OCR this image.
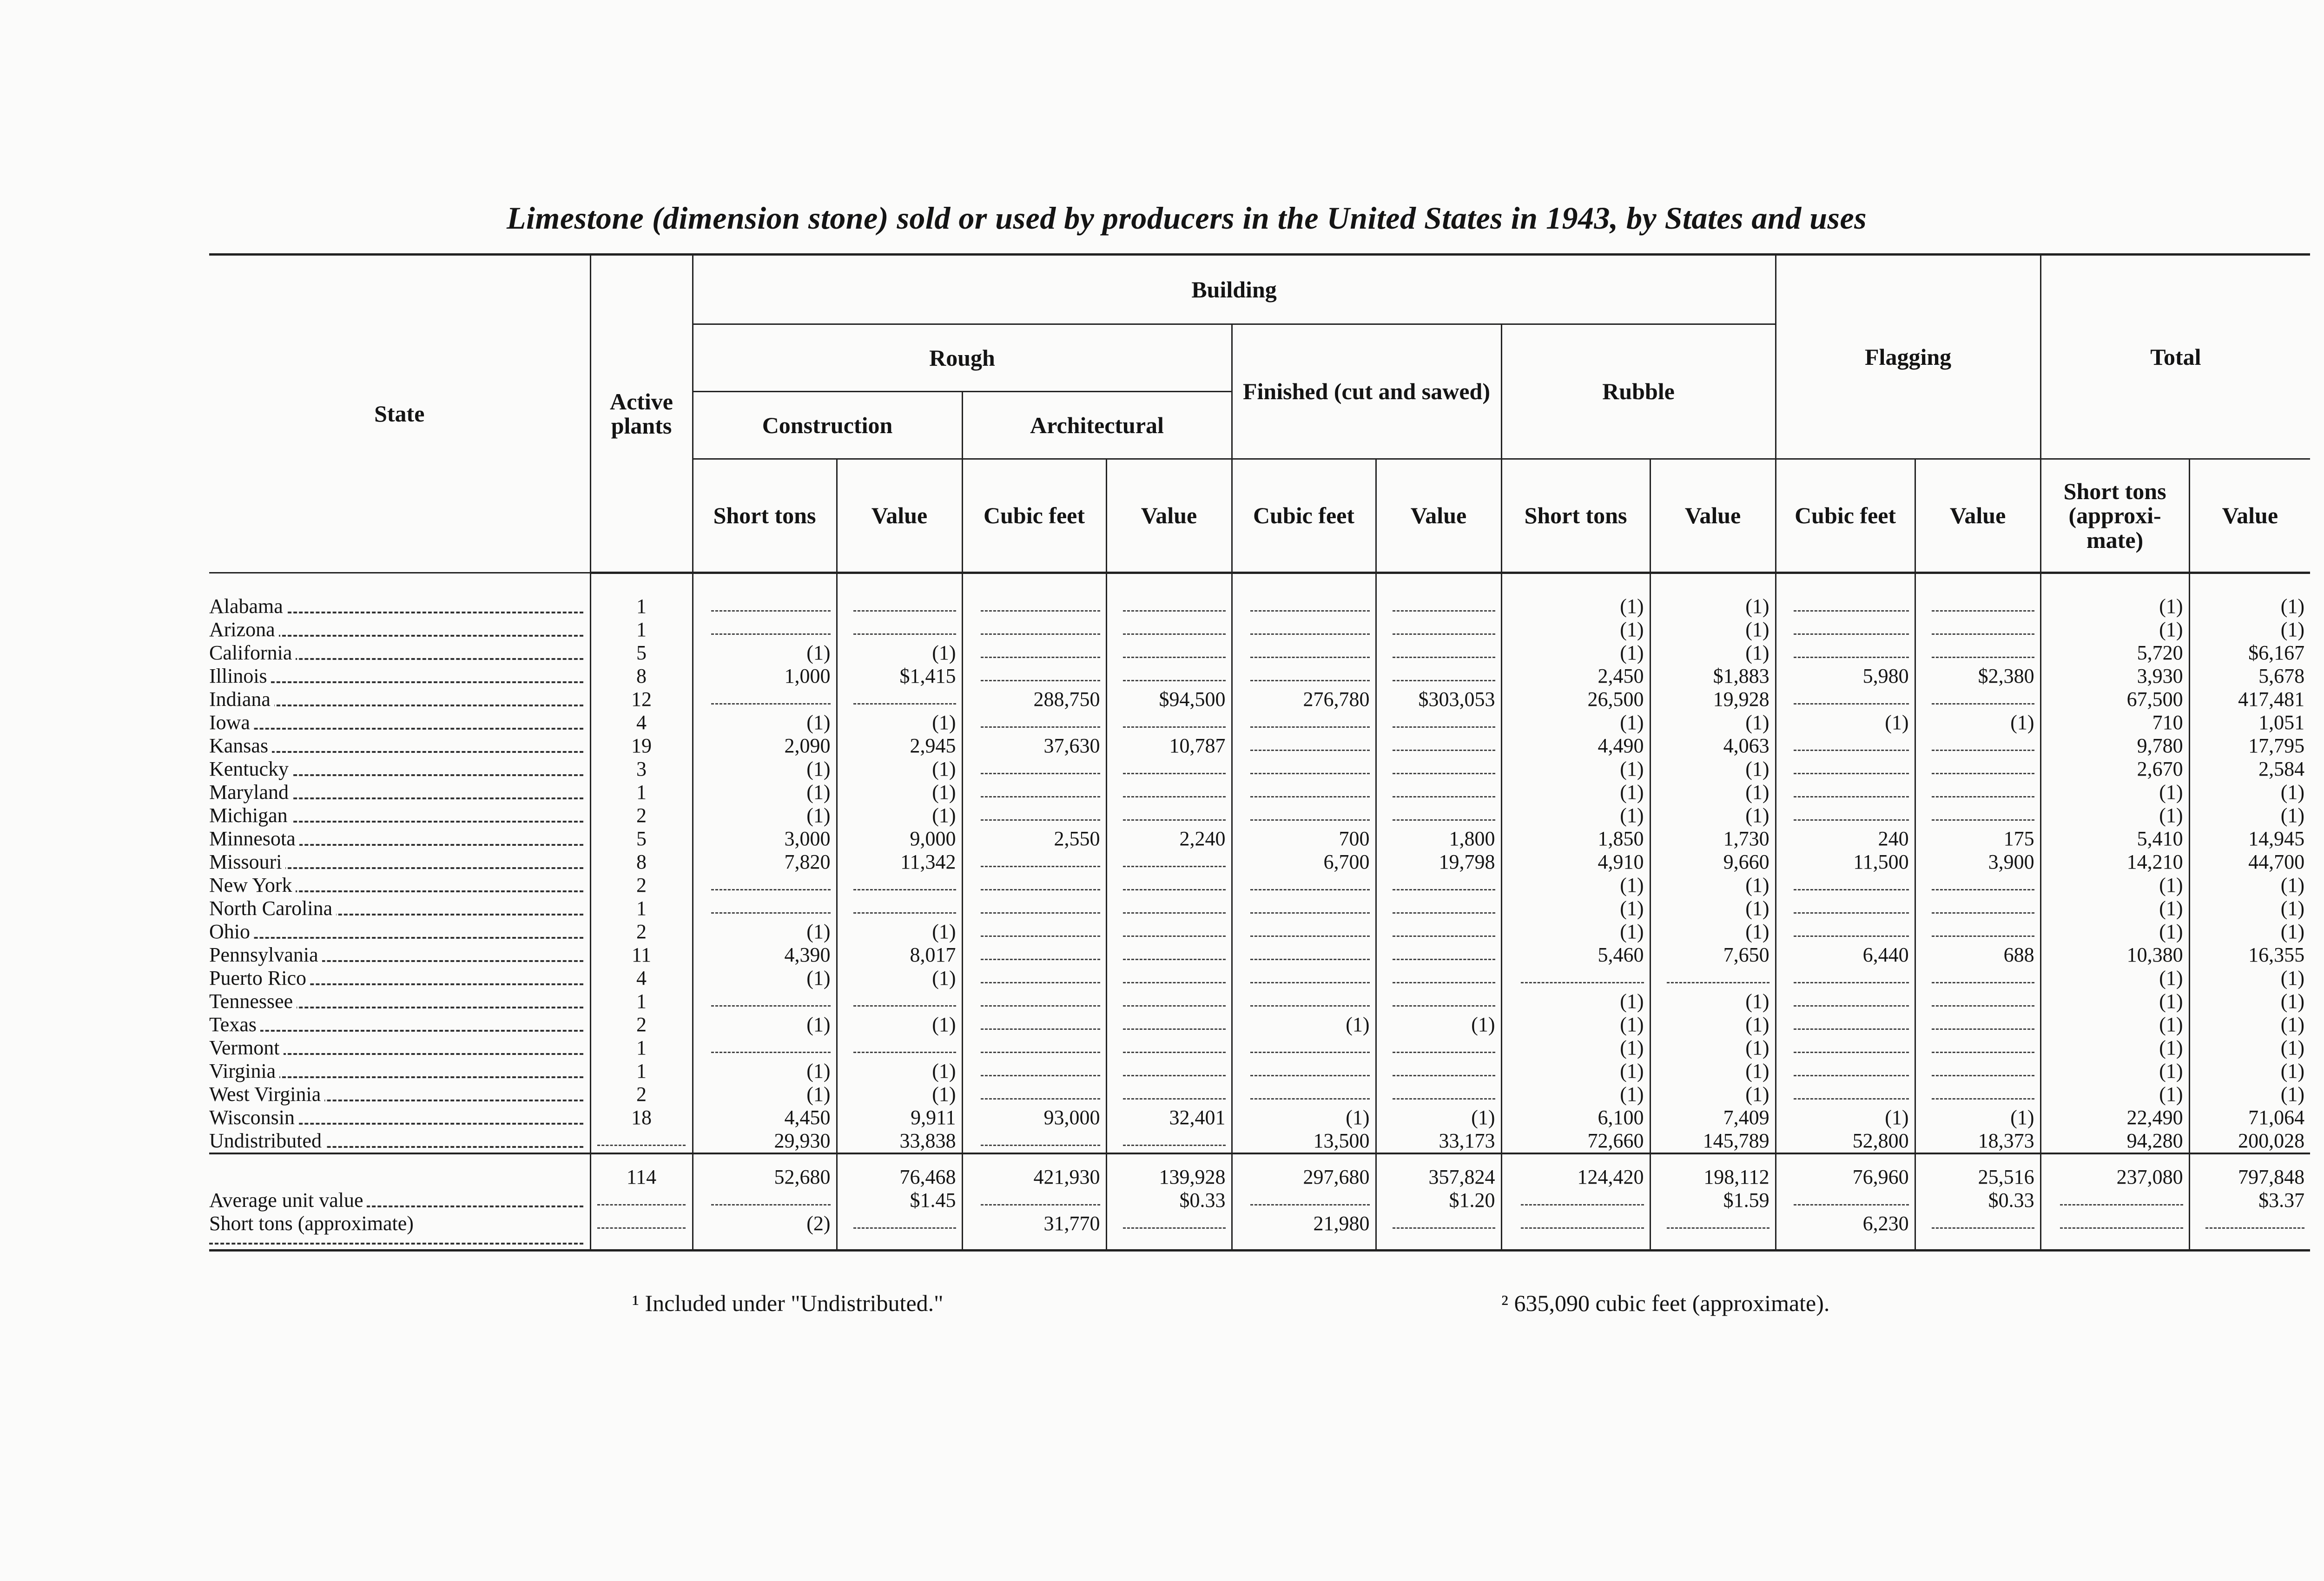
Limestone (dimension stone) sold or used by producers in the United States in 1943, by States and uses
State	Active plants	Building								Flagging		Total	
		Rough				Finished (cut and sawed)		Rubble					
		Construction		Architectural									
		Short tons	Value	Cubic feet	Value	Cubic feet	Value	Short tons	Value	Cubic feet	Value	Short tons (approxi-mate)	Value
Alabama	1							(1)	(1)			(1)	(1)
Arizona	1							(1)	(1)			(1)	(1)
California	5	(1)	(1)					(1)	(1)			5,720	$6,167
Illinois	8	1,000	$1,415					2,450	$1,883	5,980	$2,380	3,930	5,678
Indiana	12			288,750	$94,500	276,780	$303,053	26,500	19,928			67,500	417,481
Iowa	4	(1)	(1)					(1)	(1)	(1)	(1)	710	1,051
Kansas	19	2,090	2,945	37,630	10,787			4,490	4,063			9,780	17,795
Kentucky	3	(1)	(1)					(1)	(1)			2,670	2,584
Maryland	1	(1)	(1)					(1)	(1)			(1)	(1)
Michigan	2	(1)	(1)					(1)	(1)			(1)	(1)
Minnesota	5	3,000	9,000	2,550	2,240	700	1,800	1,850	1,730	240	175	5,410	14,945
Missouri	8	7,820	11,342			6,700	19,798	4,910	9,660	11,500	3,900	14,210	44,700
New York	2							(1)	(1)			(1)	(1)
North Carolina	1							(1)	(1)			(1)	(1)
Ohio	2	(1)	(1)					(1)	(1)			(1)	(1)
Pennsylvania	11	4,390	8,017					5,460	7,650	6,440	688	10,380	16,355
Puerto Rico	4	(1)	(1)									(1)	(1)
Tennessee	1							(1)	(1)			(1)	(1)
Texas	2	(1)	(1)			(1)	(1)	(1)	(1)			(1)	(1)
Vermont	1							(1)	(1)			(1)	(1)
Virginia	1	(1)	(1)					(1)	(1)			(1)	(1)
West Virginia	2	(1)	(1)					(1)	(1)			(1)	(1)
Wisconsin	18	4,450	9,911	93,000	32,401	(1)	(1)	6,100	7,409	(1)	(1)	22,490	71,064
Undistributed		29,930	33,838			13,500	33,173	72,660	145,789	52,800	18,373	94,280	200,028
	114	52,680	76,468	421,930	139,928	297,680	357,824	124,420	198,112	76,960	25,516	237,080	797,848
Average unit value			$1.45		$0.33		$1.20		$1.59		$0.33		$3.37
Short tons (approximate)		(2)		31,770		21,980				6,230			
¹ Included under "Undistributed."	² 635,090 cubic feet (approximate).
